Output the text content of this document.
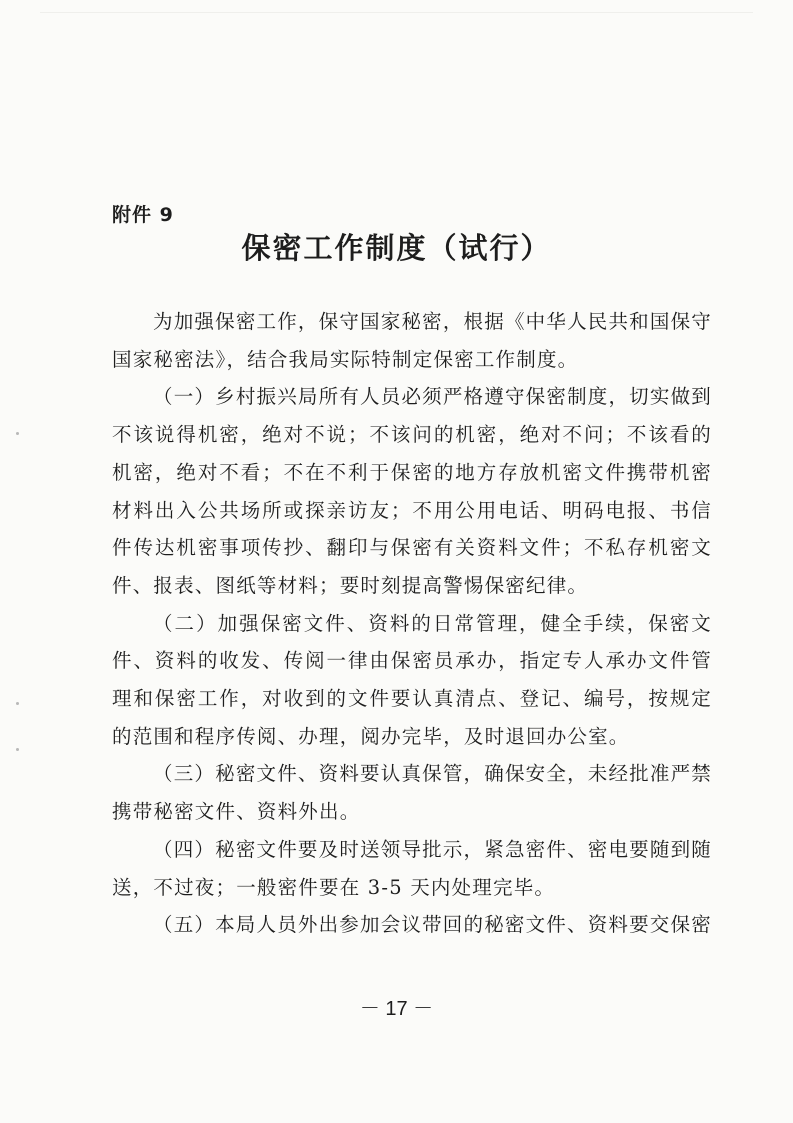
附件 9
保密工作制度（试行）

为加强保密工作，保守国家秘密，根据《中华人民共和国保守国家秘密法》，结合我局实际特制定保密工作制度。

（一）乡村振兴局所有人员必须严格遵守保密制度，切实做到不该说得机密，绝对不说；不该问的机密，绝对不问；不该看的机密，绝对不看；不在不利于保密的地方存放机密文件携带机密材料出入公共场所或探亲访友；不用公用电话、明码电报、书信件传达机密事项传抄、翻印与保密有关资料文件；不私存机密文件、报表、图纸等材料；要时刻提高警惕保密纪律。

（二）加强保密文件、资料的日常管理，健全手续，保密文件、资料的收发、传阅一律由保密员承办，指定专人承办文件管理和保密工作，对收到的文件要认真清点、登记、编号，按规定的范围和程序传阅、办理，阅办完毕，及时退回办公室。

（三）秘密文件、资料要认真保管，确保安全，未经批准严禁携带秘密文件、资料外出。

（四）秘密文件要及时送领导批示，紧急密件、密电要随到随送，不过夜；一般密件要在 3-5 天内处理完毕。

（五）本局人员外出参加会议带回的秘密文件、资料要交保密

－ 17 －
